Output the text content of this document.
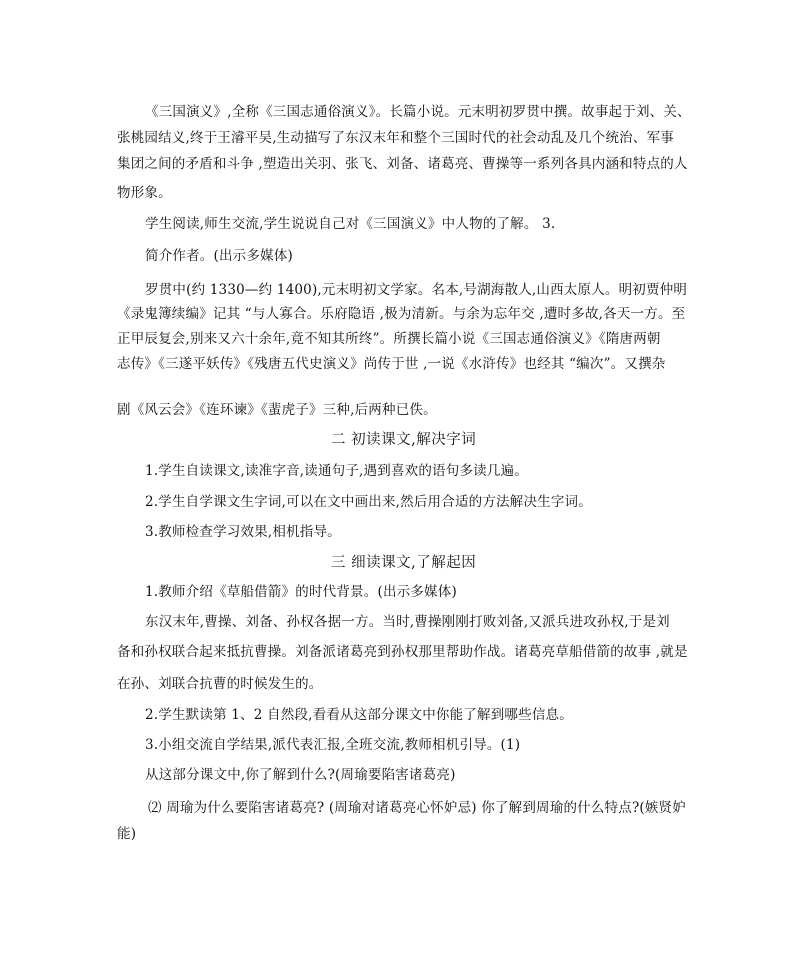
《三国演义》,全称《三国志通俗演义》。长篇小说。元末明初罗贯中撰。故事起于刘、关、
张桃园结义,终于王濬平吴,生动描写了东汉末年和整个三国时代的社会动乱及几个统治、军事
集团之间的矛盾和斗争 ,塑造出关羽、张飞、刘备、诸葛亮、曹操等一系列各具内涵和特点的人
物形象。
学生阅读,师生交流,学生说说自己对《三国演义》中人物的了解。 3.
简介作者。(出示多媒体)
罗贯中(约 1330—约 1400),元末明初文学家。名本,号湖海散人,山西太原人。明初贾仲明
《录鬼簿续编》记其 “与人寡合。乐府隐语 ,极为清新。与余为忘年交 ,遭时多故,各天一方。至
正甲辰复会,别来又六十余年,竟不知其所终”。所撰长篇小说《三国志通俗演义》《隋唐两朝
志传》《三遂平妖传》《残唐五代史演义》尚传于世 ,一说《水浒传》也经其 “编次”。又撰杂
剧《风云会》《连环谏》《蜚虎子》三种,后两种已佚。
二 初读课文,解决字词
1.学生自读课文,读准字音,读通句子,遇到喜欢的语句多读几遍。
2.学生自学课文生字词,可以在文中画出来,然后用合适的方法解决生字词。
3.教师检查学习效果,相机指导。
三 细读课文,了解起因
1.教师介绍《草船借箭》的时代背景。(出示多媒体)
东汉末年,曹操、刘备、孙权各据一方。当时,曹操刚刚打败刘备,又派兵进攻孙权,于是刘
备和孙权联合起来抵抗曹操。刘备派诸葛亮到孙权那里帮助作战。诸葛亮草船借箭的故事 ,就是
在孙、刘联合抗曹的时候发生的。
2.学生默读第 1、2 自然段,看看从这部分课文中你能了解到哪些信息。
3.小组交流自学结果,派代表汇报,全班交流,教师相机引导。(1)
从这部分课文中,你了解到什么?(周瑜要陷害诸葛亮)
⑵ 周瑜为什么要陷害诸葛亮? (周瑜对诸葛亮心怀妒忌) 你了解到周瑜的什么特点?(嫉贤妒
能)
